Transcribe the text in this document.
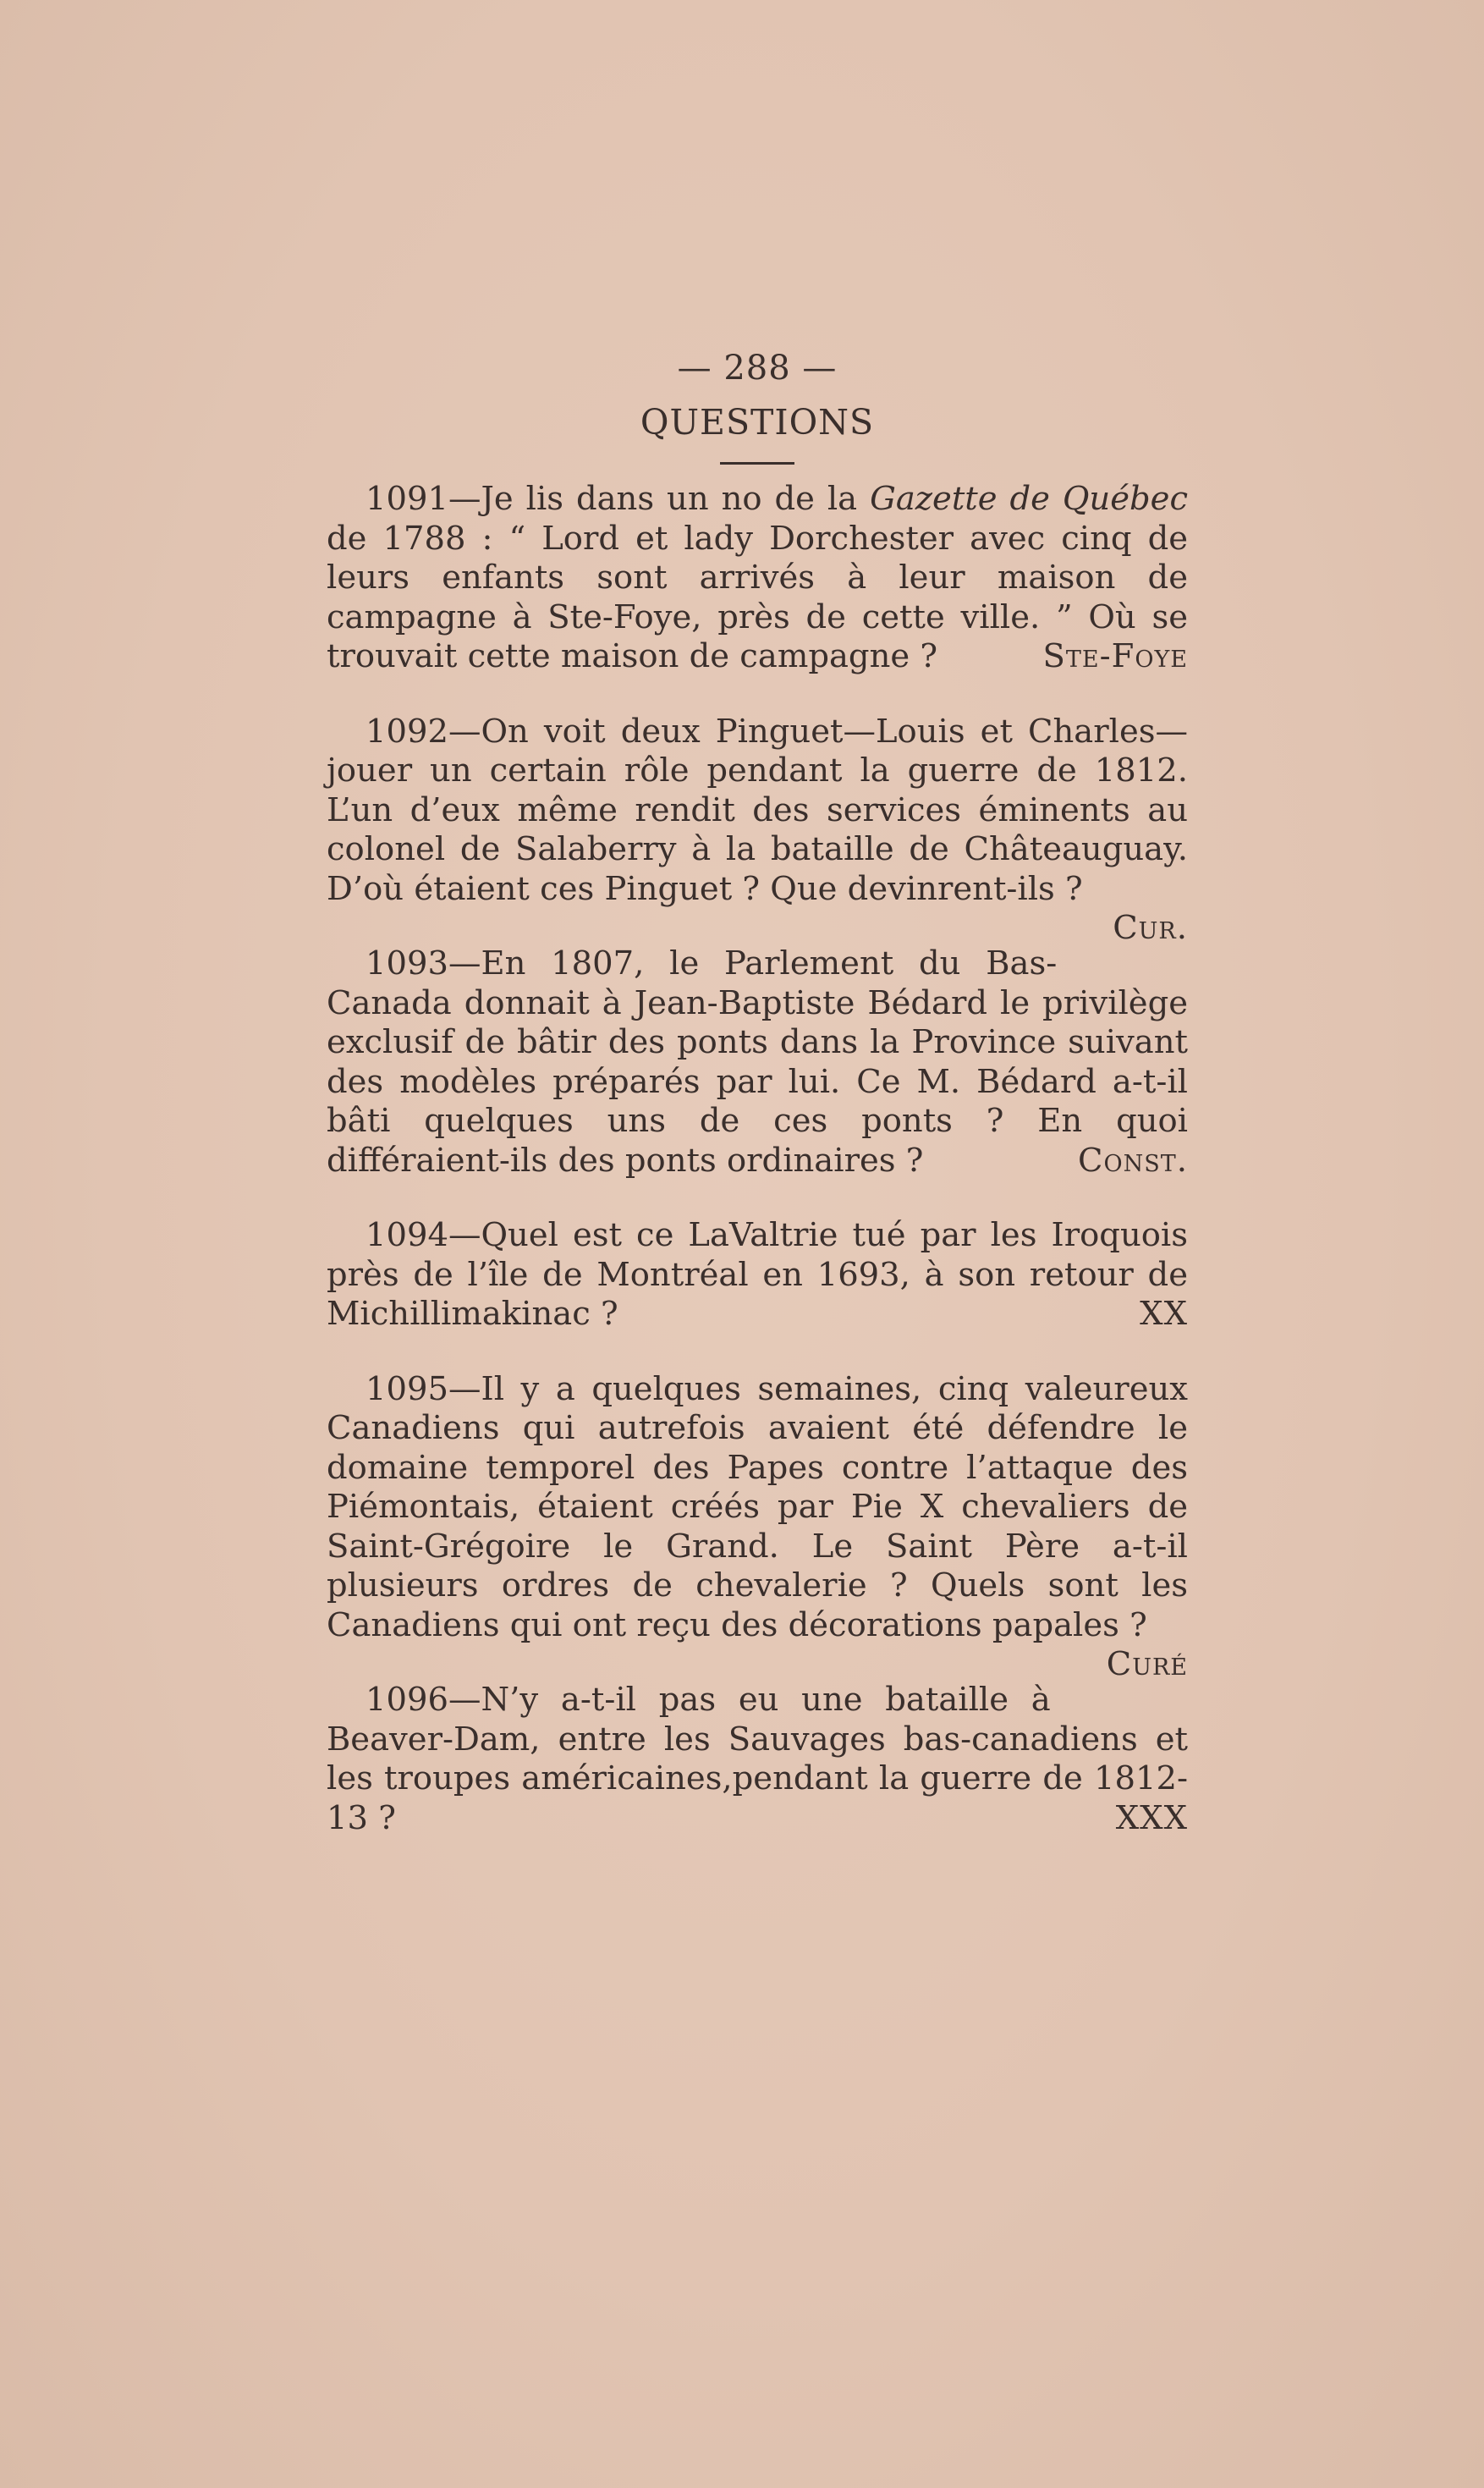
— 288 —

QUESTIONS

1091—Je lis dans un no de la Gazette de Québec de 1788 : “ Lord et lady Dorchester avec cinq de leurs enfants sont arrivés à leur maison de campagne à Ste-Foye, près de cette ville. ” Où se trouvait cette maison de campagne ?	Ste-Foye

1092—On voit deux Pinguet—Louis et Charles—jouer un certain rôle pendant la guerre de 1812. L’un d’eux même rendit des services éminents au colonel de Salaberry à la bataille de Châteauguay. D’où étaient ces Pinguet ? Que devinrent-ils ?
Cur.

1093—En 1807, le Parlement du Bas-Canada donnait à Jean-Baptiste Bédard le privilège exclusif de bâtir des ponts dans la Province suivant des modèles préparés par lui. Ce M. Bédard a-t-il bâti quelques uns de ces ponts ? En quoi différaient-ils des ponts ordinaires ?	Const.

1094—Quel est ce LaValtrie tué par les Iroquois près de l’île de Montréal en 1693, à son retour de Michillimakinac ?	XX

1095—Il y a quelques semaines, cinq valeureux Canadiens qui autrefois avaient été défendre le domaine temporel des Papes contre l’attaque des Piémontais, étaient créés par Pie X chevaliers de Saint-Grégoire le Grand. Le Saint Père a-t-il plusieurs ordres de chevalerie ? Quels sont les Canadiens qui ont reçu des décorations papales ?
Curé

1096—N’y a-t-il pas eu une bataille à Beaver-Dam, entre les Sauvages bas-canadiens et les troupes américaines,pendant la guerre de 1812-13 ?	XXX
